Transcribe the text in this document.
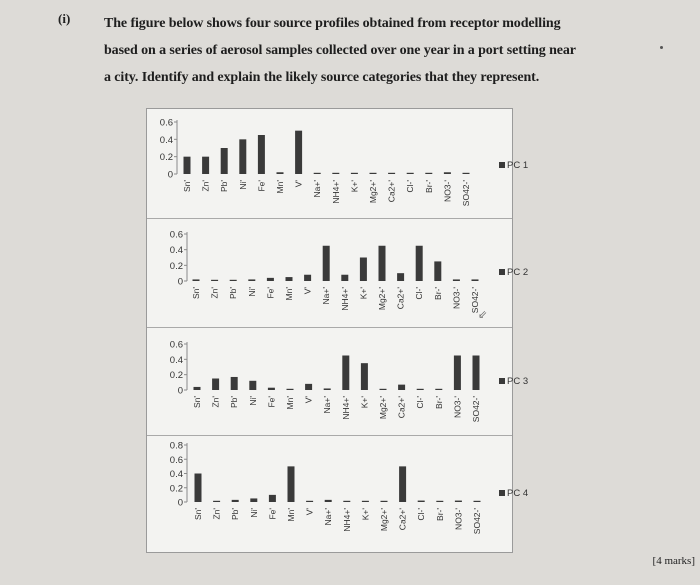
(i) The figure below shows four source profiles obtained from receptor modelling
based on a series of aerosol samples collected over one year in a port setting near
a city. Identify and explain the likely source categories that they represent.

0.6
0.4
0.2
0
Sn' Zn' Pb' Ni' Fe' Mn' V' Na+' NH4+' K+' Mg2+' Ca2+' Cl-' Br-' NO3-' SO42-'
PC 1
0.6
0.4
0.2
0
Sn' Zn' Pb' Ni' Fe' Mn' V' Na+' NH4+' K+' Mg2+' Ca2+' Cl-' Br-' NO3-' SO42-'
PC 2
0.6
0.4
0.2
0
Sn' Zn' Pb' Ni' Fe' Mn' V' Na+' NH4+' K+' Mg2+' Ca2+' Cl-' Br-' NO3-' SO42-'
PC 3
0.8
0.6
0.4
0.2
0
Sn' Zn' Pb' Ni' Fe' Mn' V' Na+' NH4+' K+' Mg2+' Ca2+' Cl-' Br-' NO3-' SO42-'
PC 4
⇙
[4 marks]
